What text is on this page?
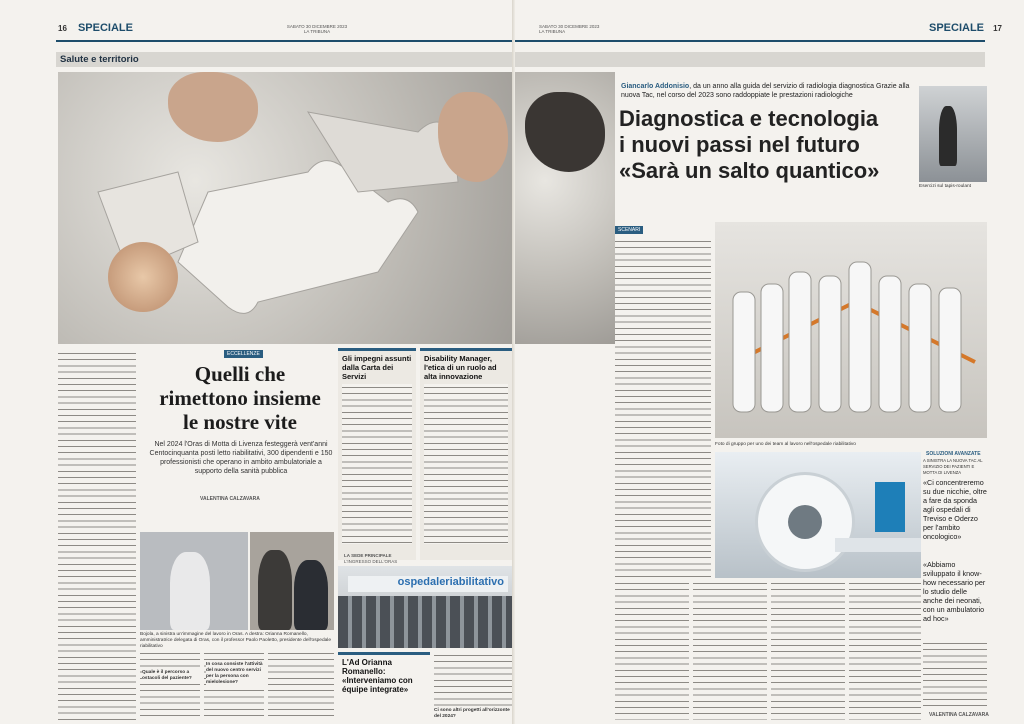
16 SPECIALE	SABATO 30 DICEMBRE 2023
LA TRIBUNA
Salute e territorio
ECCELLENZE
Quelli che rimettono insieme le nostre vite
Nel 2024 l'Oras di Motta di Livenza festeggerà vent'anni Centocinquanta posti letto riabilitativi, 300 dipendenti e 150 professionisti che operano in ambito ambulatoriale a supporto della sanità pubblica
VALENTINA CALZAVARA
Gli impegni assunti dalla Carta dei Servizi
Disability Manager, l'etica di un ruolo ad alta innovazione
ospedaleriabilitativo
LA SEDE PRINCIPALE
L'INGRESSO DELL'ORAS
Bojola, a sinistra un'immagine del lavoro in Oras. A destra: Orianna Romanello, amministratrice delegata di Oras, con il professor Paolo Paoletto, presidente dell'ospedale riabilitativo
Quale è il percorso a ostacoli del paziente?
In cosa consiste l'attività del nuovo centro servizi per la persona con mielolesione?
L'Ad Orianna Romanello: «Interveniamo con équipe integrate»
Ci sono altri progetti all'orizzonte del 2024?
SABATO 30 DICEMBRE 2023
LA TRIBUNA	SPECIALE 17
Giancarlo Addonisio, da un anno alla guida del servizio di radiologia diagnostica Grazie alla nuova Tac, nel corso del 2023 sono raddoppiate le prestazioni radiologiche
Diagnostica e tecnologia
i nuovi passi nel futuro
«Sarà un salto quantico»
Esercizi sul tapis-roulant
SCENARI
Foto di gruppo per uno dei team al lavoro nell'ospedale riabilitativo
SOLUZIONI AVANZATE
A SINISTRA LA NUOVA TAC AL SERVIZIO DEI PAZIENTI E MOTTA DI LIVENZA
«Ci concentreremo su due nicchie, oltre a fare da sponda agli ospedali di Treviso e Oderzo per l'ambito oncologico»
«Abbiamo sviluppato il know-how necessario per lo studio delle anche dei neonati, con un ambulatorio ad hoc»
VALENTINA CALZAVARA
